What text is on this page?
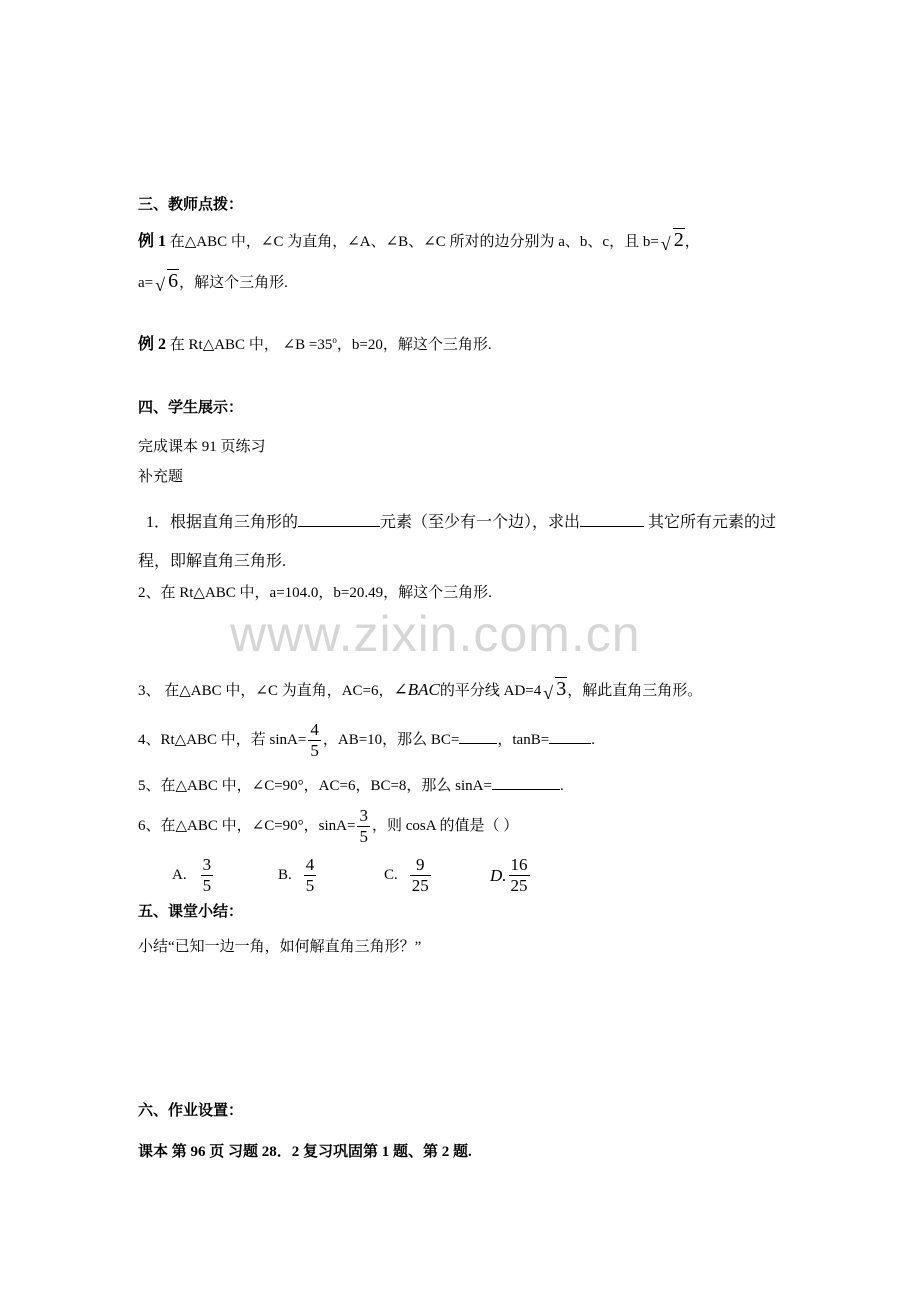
www.zixin.com.cn
三、教师点拨：
例 1 在△ABC 中，∠C 为直角，∠A、∠B、∠C 所对的边分别为 a、b、c，且 b= √ 2，
a= √ 6，解这个三角形.
例 2 在 Rt△ABC 中， ∠B $=35^o$，b=20，解这个三角形.
四、学生展示：
完成课本 91 页练习
补充题
1．根据直角三角形的	元素（至少有一个边），求出	其它所有元素的过
程，即解直角三角形.
2、在 Rt△ABC 中，a=104.0，b=20.49，解这个三角形.
3、 在△ABC 中，∠C 为直角，AC=6，∠BAC的平分线 AD=4 √ 3，解此直角三角形。
4、Rt△ABC 中，若 $\sin A= \frac{4}{5}$ ，AB=10，那么 BC=	，tanB=	.
5、在△ABC 中，∠C=90°，AC=6，BC=8，那么 sinA=	.
6、在△ABC 中，∠C=90°，$\sin A= \frac{3}{5}$ ，则 cosA 的值是（ ）
A. $\frac{3}{5}$	B. $\frac{4}{5}$	C. $\frac{9}{25}$	D. $\frac{16}{25}$
五、课堂小结：
小结“已知一边一角，如何解直角三角形？”
六、作业设置：
课本 第 96 页 习题 28．2 复习巩固第 1 题、第 2 题.
